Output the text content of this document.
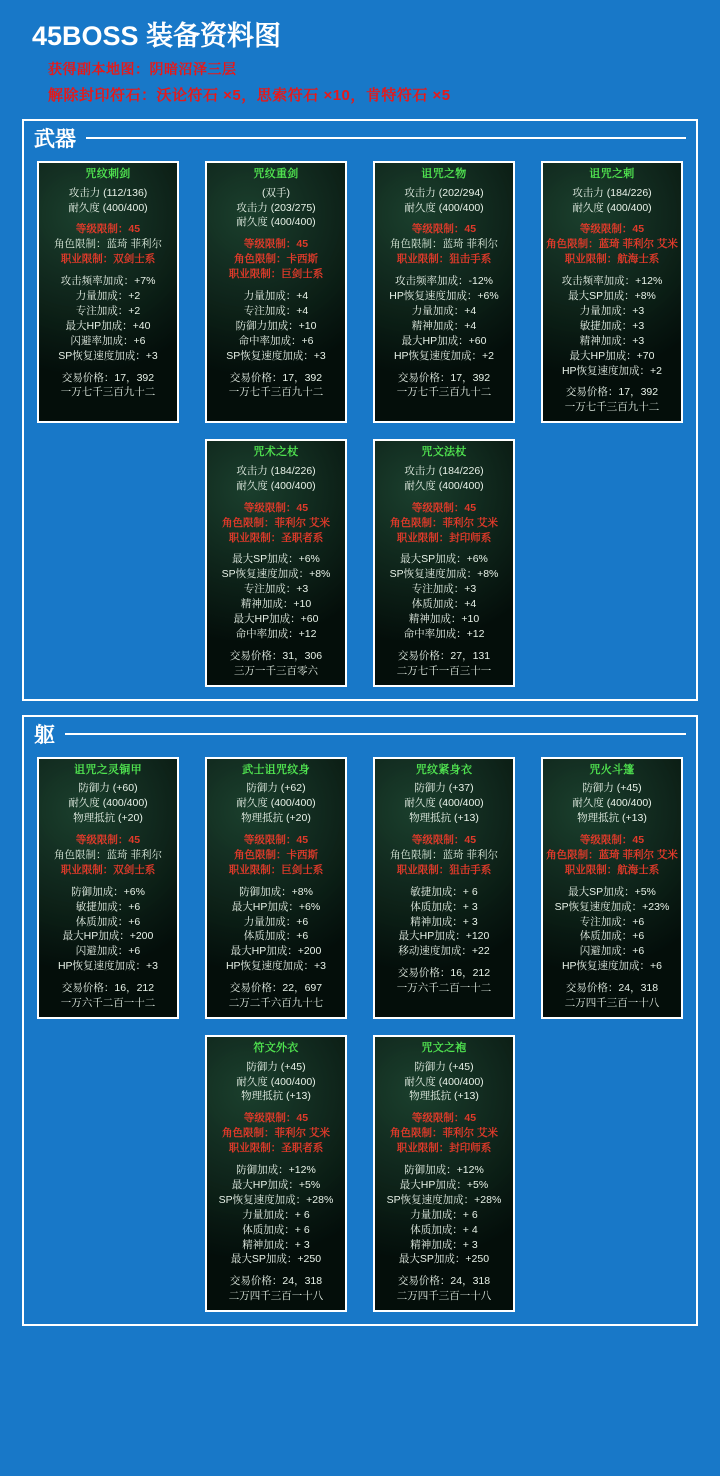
45BOSS 装备资料图
获得副本地图：阴暗沼泽三层
解除封印符石：沃论符石 ×5，思索符石 ×10，肯特符石 ×5
武器
咒纹刺剑
攻击力 (112/136)
耐久度 (400/400)
等级限制：45
角色限制：蓝琦 菲利尔
职业限制：双剑士系
攻击频率加成：+7%
力量加成：+2
专注加成：+2
最大HP加成：+40
闪避率加成：+6
SP恢复速度加成：+3
交易价格：17，392
一万七千三百九十二
咒纹重剑
(双手)
攻击力 (203/275)
耐久度 (400/400)
等级限制：45
角色限制：卡西斯
职业限制：巨剑士系
力量加成：+4
专注加成：+4
防御力加成：+10
命中率加成：+6
SP恢复速度加成：+3
交易价格：17，392
一万七千三百九十二
诅咒之物
攻击力 (202/294)
耐久度 (400/400)
等级限制：45
角色限制：蓝琦 菲利尔
职业限制：狙击手系
攻击频率加成：-12%
HP恢复速度加成：+6%
力量加成：+4
精神加成：+4
最大HP加成：+60
HP恢复速度加成：+2
交易价格：17，392
一万七千三百九十二
诅咒之剌
攻击力 (184/226)
耐久度 (400/400)
等级限制：45
角色限制：蓝琦 菲利尔 艾米
职业限制：航海士系
攻击频率加成：+12%
最大SP加成：+8%
力量加成：+3
敏捷加成：+3
精神加成：+3
最大HP加成：+70
HP恢复速度加成：+2
交易价格：17，392
一万七千三百九十二
咒术之杖
攻击力 (184/226)
耐久度 (400/400)
等级限制：45
角色限制：菲利尔 艾米
职业限制：圣职者系
最大SP加成：+6%
SP恢复速度加成：+8%
专注加成：+3
精神加成：+10
最大HP加成：+60
命中率加成：+12
交易价格：31，306
三万一千三百零六
咒文法杖
攻击力 (184/226)
耐久度 (400/400)
等级限制：45
角色限制：菲利尔 艾米
职业限制：封印师系
最大SP加成：+6%
SP恢复速度加成：+8%
专注加成：+3
体质加成：+4
精神加成：+10
命中率加成：+12
交易价格：27，131
二万七千一百三十一
躯
诅咒之灵铜甲
防御力 (+60)
耐久度 (400/400)
物理抵抗 (+20)
等级限制：45
角色限制：蓝琦 菲利尔
职业限制：双剑士系
防御加成：+6%
敏捷加成：+6
体质加成：+6
最大HP加成：+200
闪避加成：+6
HP恢复速度加成：+3
交易价格：16，212
一万六千二百一十二
武士诅咒纹身
防御力 (+62)
耐久度 (400/400)
物理抵抗 (+20)
等级限制：45
角色限制：卡西斯
职业限制：巨剑士系
防御加成：+8%
最大HP加成：+6%
力量加成：+6
体质加成：+6
最大HP加成：+200
HP恢复速度加成：+3
交易价格：22，697
二万二千六百九十七
咒纹紧身衣
防御力 (+37)
耐久度 (400/400)
物理抵抗 (+13)
等级限制：45
角色限制：蓝琦 菲利尔
职业限制：狙击手系
敏捷加成：+ 6
体质加成：+ 3
精神加成：+ 3
最大HP加成：+120
移动速度加成：+22
交易价格：16，212
一万六千二百一十二
咒火斗篷
防御力 (+45)
耐久度 (400/400)
物理抵抗 (+13)
等级限制：45
角色限制：蓝琦 菲利尔 艾米
职业限制：航海士系
最大SP加成：+5%
SP恢复速度加成：+23%
专注加成：+6
体质加成：+6
闪避加成：+6
HP恢复速度加成：+6
交易价格：24，318
二万四千三百一十八
符文外衣
防御力 (+45)
耐久度 (400/400)
物理抵抗 (+13)
等级限制：45
角色限制：菲利尔 艾米
职业限制：圣职者系
防御加成：+12%
最大HP加成：+5%
SP恢复速度加成：+28%
力量加成：+ 6
体质加成：+ 6
精神加成：+ 3
最大SP加成：+250
交易价格：24，318
二万四千三百一十八
咒文之袍
防御力 (+45)
耐久度 (400/400)
物理抵抗 (+13)
等级限制：45
角色限制：菲利尔 艾米
职业限制：封印师系
防御加成：+12%
最大HP加成：+5%
SP恢复速度加成：+28%
力量加成：+ 6
体质加成：+ 4
精神加成：+ 3
最大SP加成：+250
交易价格：24，318
二万四千三百一十八
